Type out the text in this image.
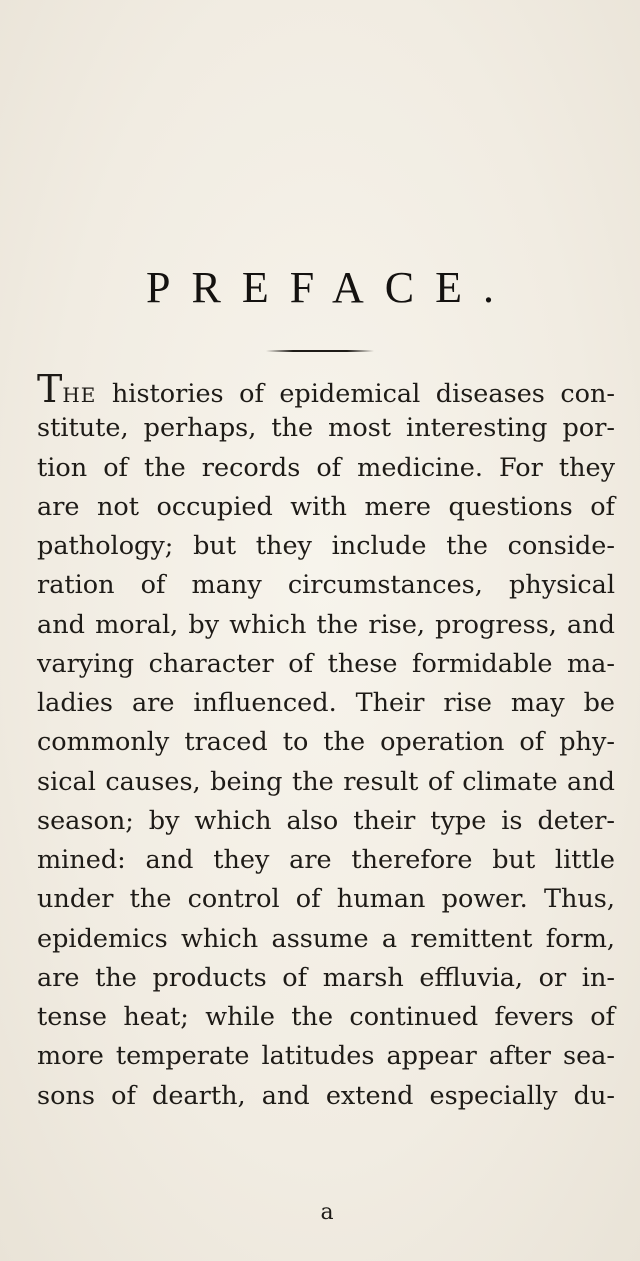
PREFACE.
THE histories of epidemical diseases con-
stitute, perhaps, the most interesting por-
tion of the records of medicine. For they
are not occupied with mere questions of
pathology; but they include the conside-
ration of many circumstances, physical
and moral, by which the rise, progress, and
varying character of these formidable ma-
ladies are influenced. Their rise may be
commonly traced to the operation of phy-
sical causes, being the result of climate and
season; by which also their type is deter-
mined: and they are therefore but little
under the control of human power. Thus,
epidemics which assume a remittent form,
are the products of marsh effluvia, or in-
tense heat; while the continued fevers of
more temperate latitudes appear after sea-
sons of dearth, and extend especially du-
a
